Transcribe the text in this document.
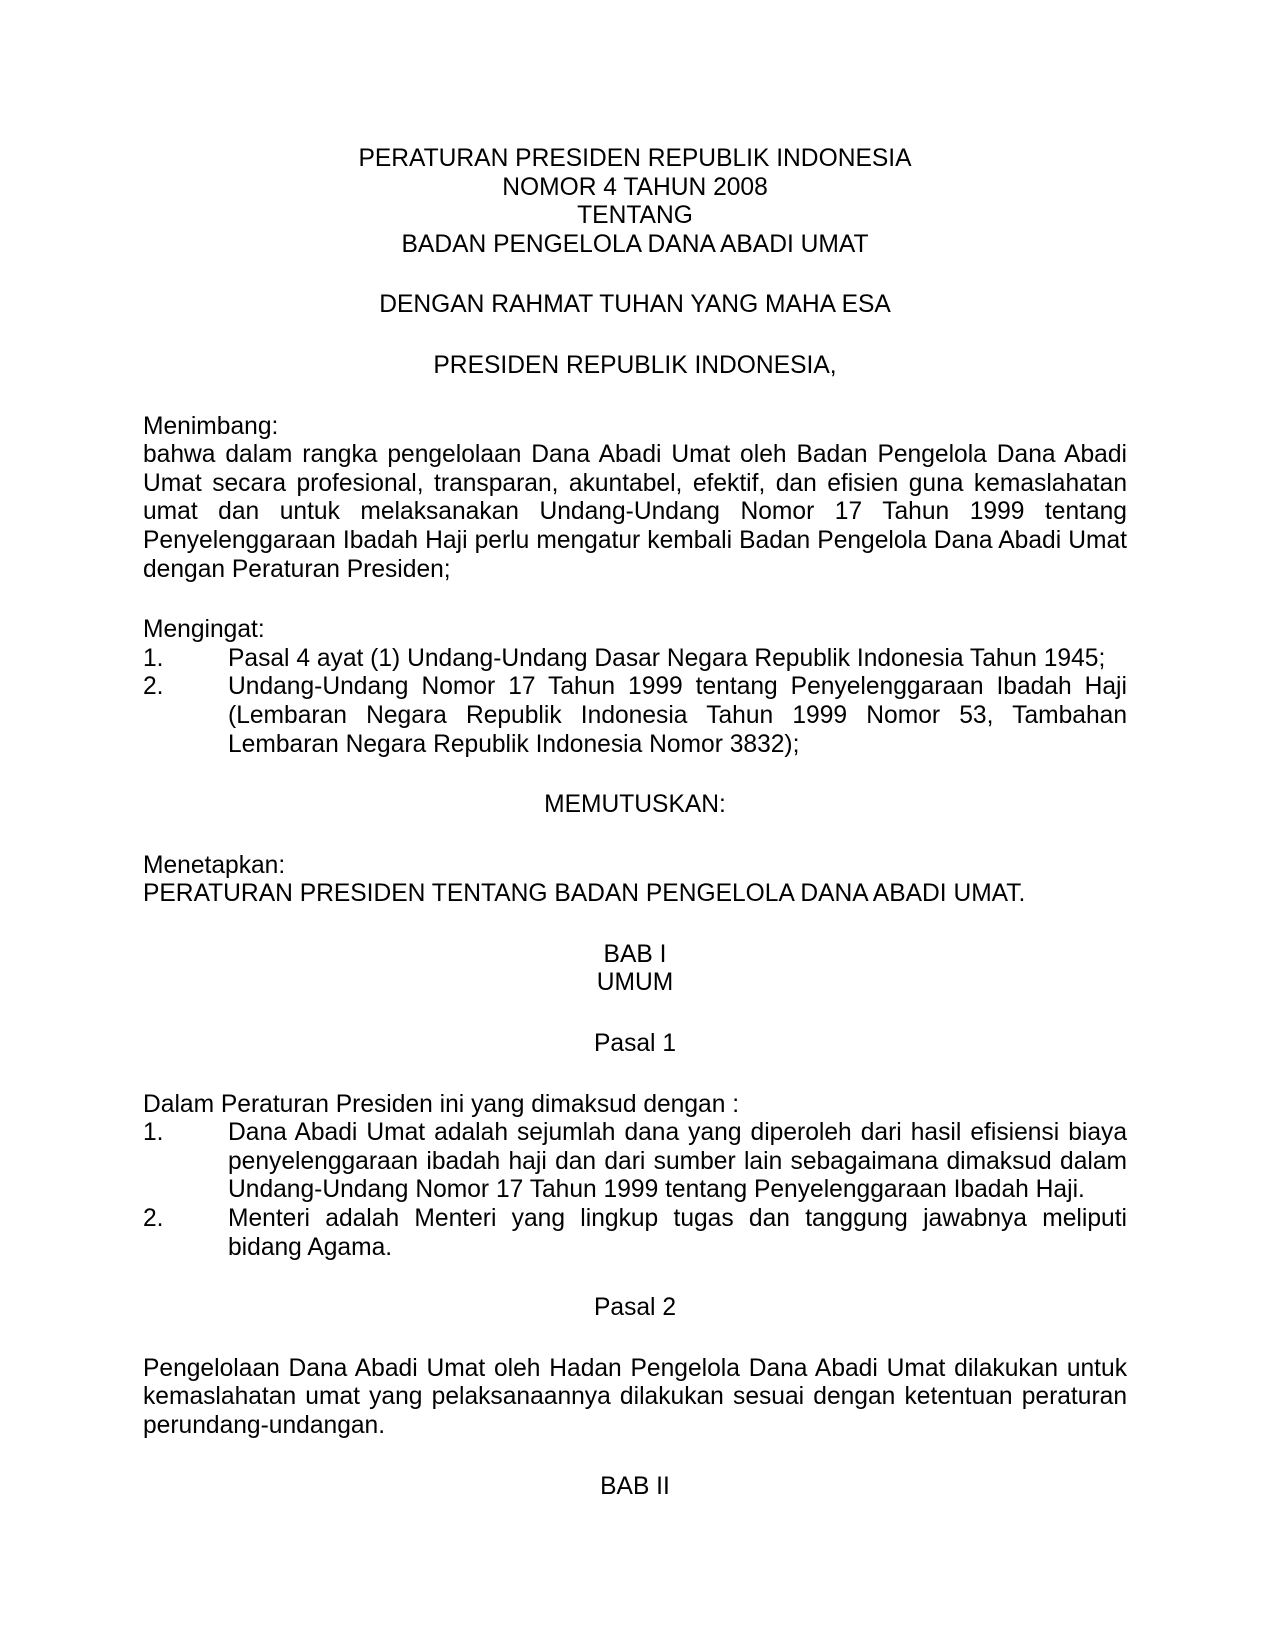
PERATURAN PRESIDEN REPUBLIK INDONESIA
NOMOR 4 TAHUN 2008
TENTANG
BADAN PENGELOLA DANA ABADI UMAT
DENGAN RAHMAT TUHAN YANG MAHA ESA
PRESIDEN REPUBLIK INDONESIA,
Menimbang:
bahwa dalam rangka pengelolaan Dana Abadi Umat oleh Badan Pengelola Dana Abadi Umat secara profesional, transparan, akuntabel, efektif, dan efisien guna kemaslahatan umat dan untuk melaksanakan Undang-Undang Nomor 17 Tahun 1999 tentang Penyelenggaraan Ibadah Haji perlu mengatur kembali Badan Pengelola Dana Abadi Umat dengan Peraturan Presiden;
Mengingat:
1.	Pasal 4 ayat (1) Undang-Undang Dasar Negara Republik Indonesia Tahun 1945;
2.	Undang-Undang Nomor 17 Tahun 1999 tentang Penyelenggaraan Ibadah Haji (Lembaran Negara Republik Indonesia Tahun 1999 Nomor 53, Tambahan Lembaran Negara Republik Indonesia Nomor 3832);
MEMUTUSKAN:
Menetapkan:
PERATURAN PRESIDEN TENTANG BADAN PENGELOLA DANA ABADI UMAT.
BAB I
UMUM
Pasal 1
Dalam Peraturan Presiden ini yang dimaksud dengan :
1.	Dana Abadi Umat adalah sejumlah dana yang diperoleh dari hasil efisiensi biaya penyelenggaraan ibadah haji dan dari sumber lain sebagaimana dimaksud dalam Undang-Undang Nomor 17 Tahun 1999 tentang Penyelenggaraan Ibadah Haji.
2.	Menteri adalah Menteri yang lingkup tugas dan tanggung jawabnya meliputi bidang Agama.
Pasal 2
Pengelolaan Dana Abadi Umat oleh Hadan Pengelola Dana Abadi Umat dilakukan untuk kemaslahatan umat yang pelaksanaannya dilakukan sesuai dengan ketentuan peraturan perundang-undangan.
BAB II
